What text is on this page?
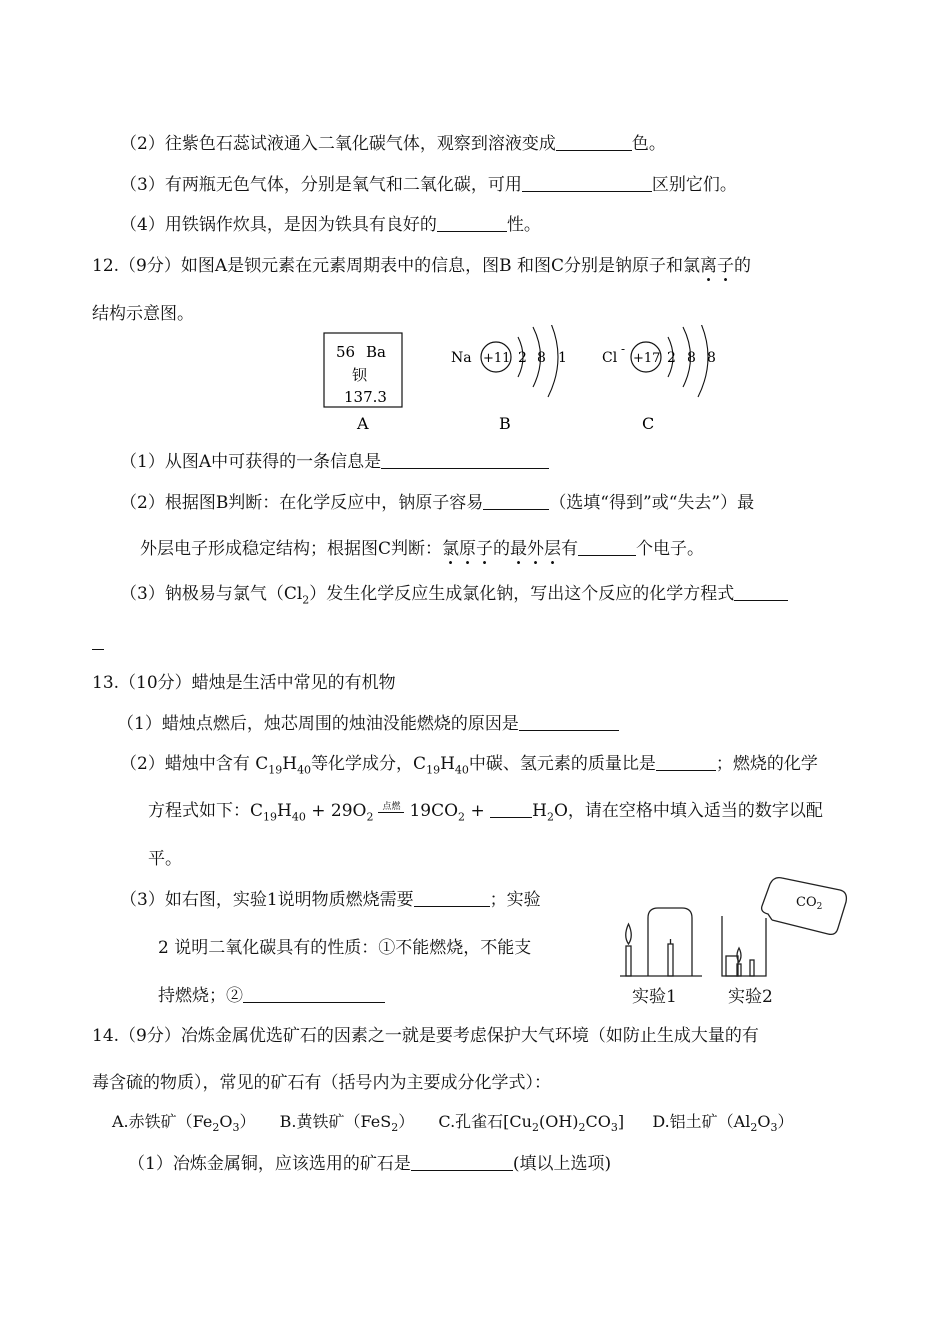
（2）往紫色石蕊试液通入二氧化碳气体，观察到溶液变成	色。
（3）有两瓶无色气体，分别是氧气和二氧化碳，可用	区别它们。
（4）用铁锅作炊具，是因为铁具有良好的	性。
12.（9分）如图A是钡元素在元素周期表中的信息，图B 和图C分别是钠原子和氯离子的
结构示意图。
56 Ba
钡
137.3
A
Na +11 2 8 1
B
Cl
-
+17 2 8 8
C
（1）从图A中可获得的一条信息是
（2）根据图B判断：在化学反应中，钠原子容易	（选填“得到”或“失去”）最
外层电子形成稳定结构；根据图C判断：氯原子的最外层有	个电子。
（3）钠极易与氯气$(Cl_2)$发生化学反应生成氯化钠，写出这个反应的化学方程式
13.（10分）蜡烛是生活中常见的有机物
（1）蜡烛点燃后，烛芯周围的烛油没能燃烧的原因是
（2）蜡烛中含有 $C_{19}H_{40}$等化学成分，$C_{19}H_{40}$中碳、氢元素的质量比是	；燃烧的化学
方程式如下：$C_{19}H_{40} + 29O_2^{点燃}$ $19CO_2 + H_2O$，请在空格中填入适当的数字以配
平。
（3）如右图，实验1说明物质燃烧需要	；实验
2 说明二氧化碳具有的性质：①不能燃烧，不能支
持燃烧；②
$CO_2$
实验1	实验2
14.（9分）冶炼金属优选矿石的因素之一就是要考虑保护大气环境（如防止生成大量的有
毒含硫的物质），常见的矿石有（括号内为主要成分化学式）：
A.赤铁矿$(Fe_2O_3)$ B.黄铁矿（FeS$_2$） C.孔雀石$[Cu_2(OH)_2CO_3]$ D.铝土矿$(Al_2O_3)$
（1）冶炼金属铜，应该选用的矿石是	(填以上选项)
